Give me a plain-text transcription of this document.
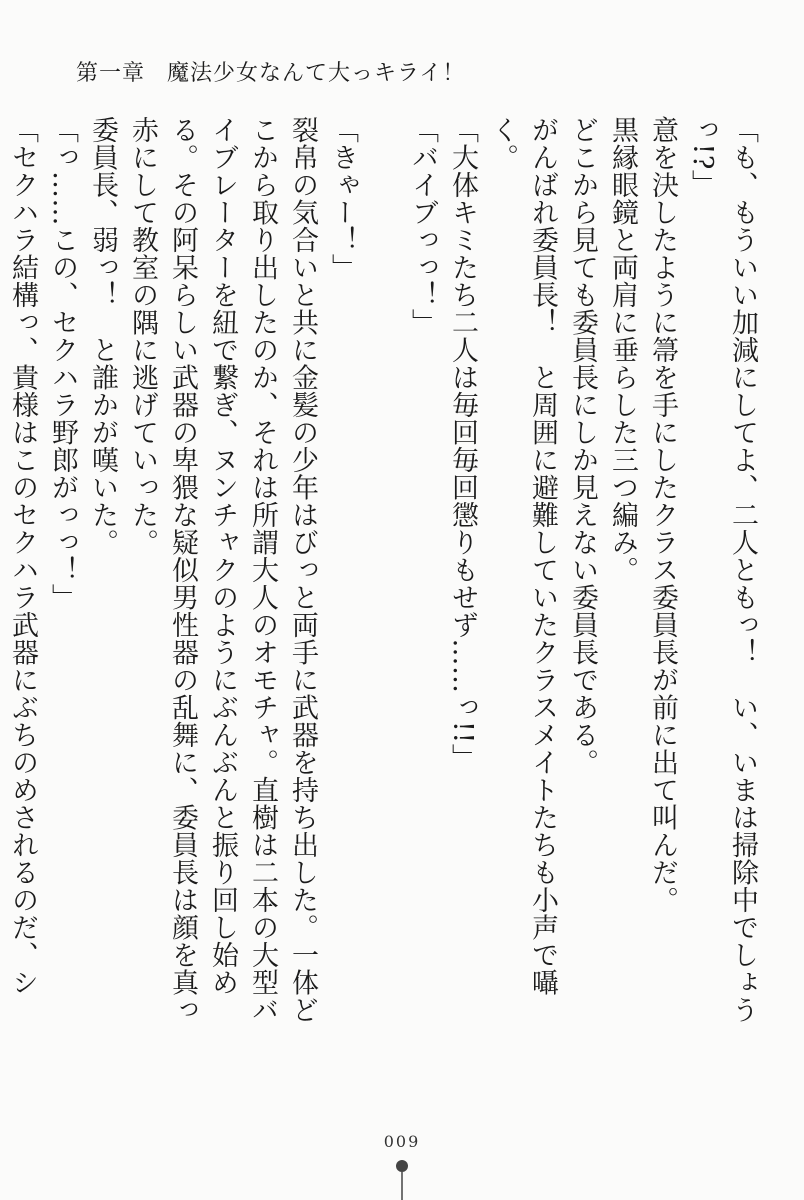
第一章 魔法少女なんて大っキライ！

「も、もういい加減にしてよ、二人ともっ！　い、いまは掃除中でしょうっ!?」

意を決したように箒を手にしたクラス委員長が前に出て叫んだ。

黒縁眼鏡と両肩に垂らした三つ編み。

どこから見ても委員長にしか見えない委員長である。

がんばれ委員長！　と周囲に避難していたクラスメイトたちも小声で囁く。

「大体キミたち二人は毎回毎回懲りもせず……っ!!」

「バイブっっ！」

「きゃー！」

裂帛の気合いと共に金髪の少年はびっと両手に武器を持ち出した。一体どこから取り出したのか、それは所謂大人のオモチャ。直樹は二本の大型バイブレーターを紐で繋ぎ、ヌンチャクのようにぶんぶんと振り回し始める。その阿呆らしい武器の卑猥な疑似男性器の乱舞に、委員長は顔を真っ赤にして教室の隅に逃げていった。

委員長、弱っ！　と誰かが嘆いた。

「っ……この、セクハラ野郎がっっ！」

「セクハラ結構っ、貴様はこのセクハラ武器にぶちのめされるのだ、シ

009
